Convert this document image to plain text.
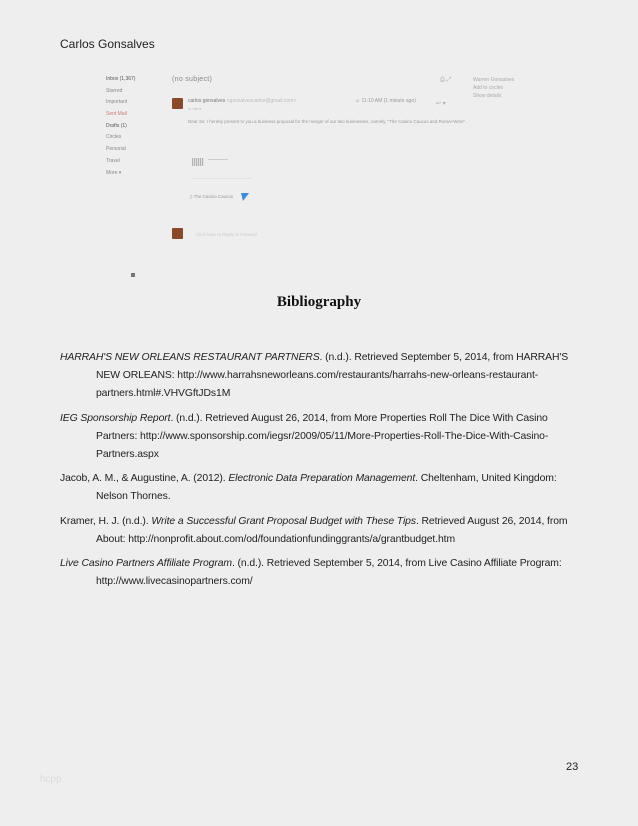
Carlos Gonsalves
Inbox (1,367)
Starred
Important
Sent Mail
Drafts (1)
Circles
Personal
Travel
More ▾
(no subject)	⎙ ⤢
carlos gonsalves <gonsalvescarlos@gmail.com>
to me ▾
☺ 11:10 AM (1 minute ago)	↩ ▾
Dear Sir, I hereby present to you a business proposal for the merger of our two businesses, namely, "The Casino Caucus and Roma+Wine".
Warren Gonsalves
Add to circles
Show details
▯ The Casino Caucus
Click here to Reply or Forward
Bibliography
HARRAH'S NEW ORLEANS RESTAURANT PARTNERS. (n.d.). Retrieved September 5, 2014, from HARRAH'S NEW ORLEANS: http://www.harrahsneworleans.com/restaurants/harrahs-new-orleans-restaurant-partners.html#.VHVGftJDs1M
IEG Sponsorship Report. (n.d.). Retrieved August 26, 2014, from More Properties Roll The Dice With Casino Partners: http://www.sponsorship.com/iegsr/2009/05/11/More-Properties-Roll-The-Dice-With-Casino-Partners.aspx
Jacob, A. M., & Augustine, A. (2012). Electronic Data Preparation Management. Cheltenham, United Kingdom: Nelson Thornes.
Kramer, H. J. (n.d.). Write a Successful Grant Proposal Budget with These Tips. Retrieved August 26, 2014, from About: http://nonprofit.about.com/od/foundationfundinggrants/a/grantbudget.htm
Live Casino Partners Affiliate Program. (n.d.). Retrieved September 5, 2014, from Live Casino Affiliate Program: http://www.livecasinopartners.com/
23
hcpp
